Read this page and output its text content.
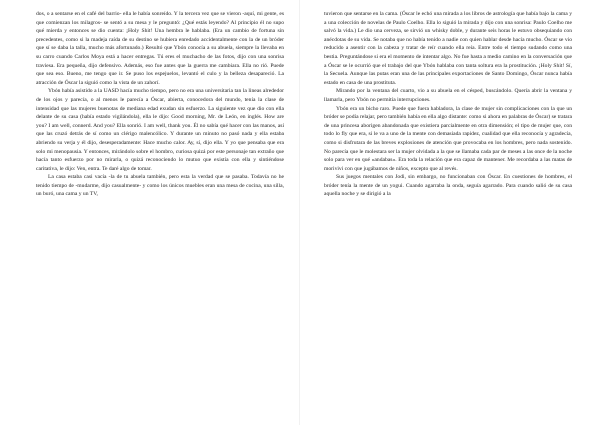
dos, o a sentarse en el café del barrio- ella le había sonreído. Y la tercera vez que se vieron -aquí, mi gente, es que comienzan los milagros- se sentó a su mesa y le preguntó: ¿Qué estás leyendo? Al principio él no supo qué mierda y entonces se dio cuenta: ¡Holy Shit! Una hembra le hablaba. (Era un cambio de fortuna sin precedentes, como si la madeja raída de su destino se hubiera enredado accidentalmente con la de un bróder que sí se daba la talla, mucho más afortunado.) Resultó que Ybón conocía a su abuela, siempre la llevaba en su carro cuando Carlos Moya está a hacer entregas. Tú eres el muchacho de las fotos, dijo con una sonrisa traviesa. Era pequeña, dijo defensivo. Además, eso fue antes que la guerra me cambiara. Ella no rió. Puede que sea eso. Bueno, me tengo que ir. Se puso los espejuelos, levantó el culo y la belleza desapareció. La atracción de Óscar la siguió como la vista de un zahorí.

Ybón había asistido a la UASD hacía mucho tiempo, pero no era una universitaria tan la lineas alrededor de los ojos y parecía, o al menos le parecía a Óscar, abierta, conocedora del mundo, tenía la clase de intensidad que las mujeres buenotas de mediana edad exudan sin esfuerzo. La siguiente vez que dio con ella delante de su casa (había estado vigilándola), ella le dijo: Good morning, Mr. de León, en inglés. How are you? I am well, connerd. And you? Ella sonrió. I am well, thank you. Él no sabía qué hacer con las manos, así que las cruzó detrás de sí como un clérigo malencólico. Y durante un minuto no pasó nada y ella estaba abriendo su verja y él dijo, desesperadamente: Hace mucho calor. Ay, sí, dijo ella. Y yo que pensaba que era solo mi menopausia. Y entonces, mirándolo sobre el hombro, curiosa quizá por este personaje tan extraño que hacía tanto esfuerzo por no mirarla, o quizá reconociendo lo mutuo que existía con ella y sintiéndose caritativa, le dijo: Ven, entra. Te daré algo de tomar.

La casa estaba casi vacía -la de tu abuela también, pero esta la verdad que se pasaba. Todavía no he tenido tiempo de -mudarme, dijo casualmente- y como los únicos muebles eran una mesa de cocina, una silla, un buró, una cama y un TV,

tuvieron que sentarse en la cama. (Óscar le echó una mirada a los libros de astrología que había bajo la cama y a una colección de novelas de Paulo Coelho. Ella lo siguió la mirada y dijo con una sonrisa: Paulo Coelho me salvó la vida.) Le dio una cerveza, se sirvió un whisky doble, y durante seis horas le estuvo obsequiando con anécdotas de su vida. Se notaba que no había tenido a nadie con quien hablar desde hacía mucho. Óscar se vio reducido a asentir con la cabeza y tratar de reír cuando ella reía. Entre todo el tiempo sudando como una bestia. Preguntándose si era el momento de intentar algo. No fue hasta a medio camino en la conversación que a Óscar se le ocurrió que el trabajo del que Ybón hablaba con tanta soltura era la prostitución. ¡Holy Shit! Sí, la Secuela. Aunque las putas eran una de las principales exportaciones de Santo Domingo, Óscar nunca había estado en casa de una prostituta.

Mirando por la ventana del cuarto, vio a su abuela en el césped, buscándolo. Quería abrir la ventana y llamarla, pero Ybón no permitía interrupciones.

Ybón era un bicho raro. Puede que fuera habladora, la clase de mujer sin complicaciones con la que un bróder se podía relajar, pero también había en ella algo distante: como si ahora en palabras de Óscar) se tratara de una princesa aborigen abandonada que existiera parcialmente en otra dimensión; el tipo de mujer que, con todo lo fly que era, si le va a uno de la mente con demasiada rapidez, cualidad que ella reconocía y agradecía, como si disfrutara de las breves explosiones de atención que provocaba en los hombres, pero nada sostenido. No parecía que le molestara ser la mujer olvidada a la que se llamaba cada par de meses a las once de la noche solo para ver en qué «andabas». Era toda la relación que era capaz de mantener. Me recordaba a las matas de morivivi con que jugábamos de niños, excepto que al revés.

Sus juegos mentales con Jodi, sin embargo, no funcionaban con Óscar. En cuestiones de hombres, el bróder tenía la mente de un yogui. Cuando agarraba la onda, seguía agarrado. Para cuando salió de su casa aquella noche y se dirigió a la
